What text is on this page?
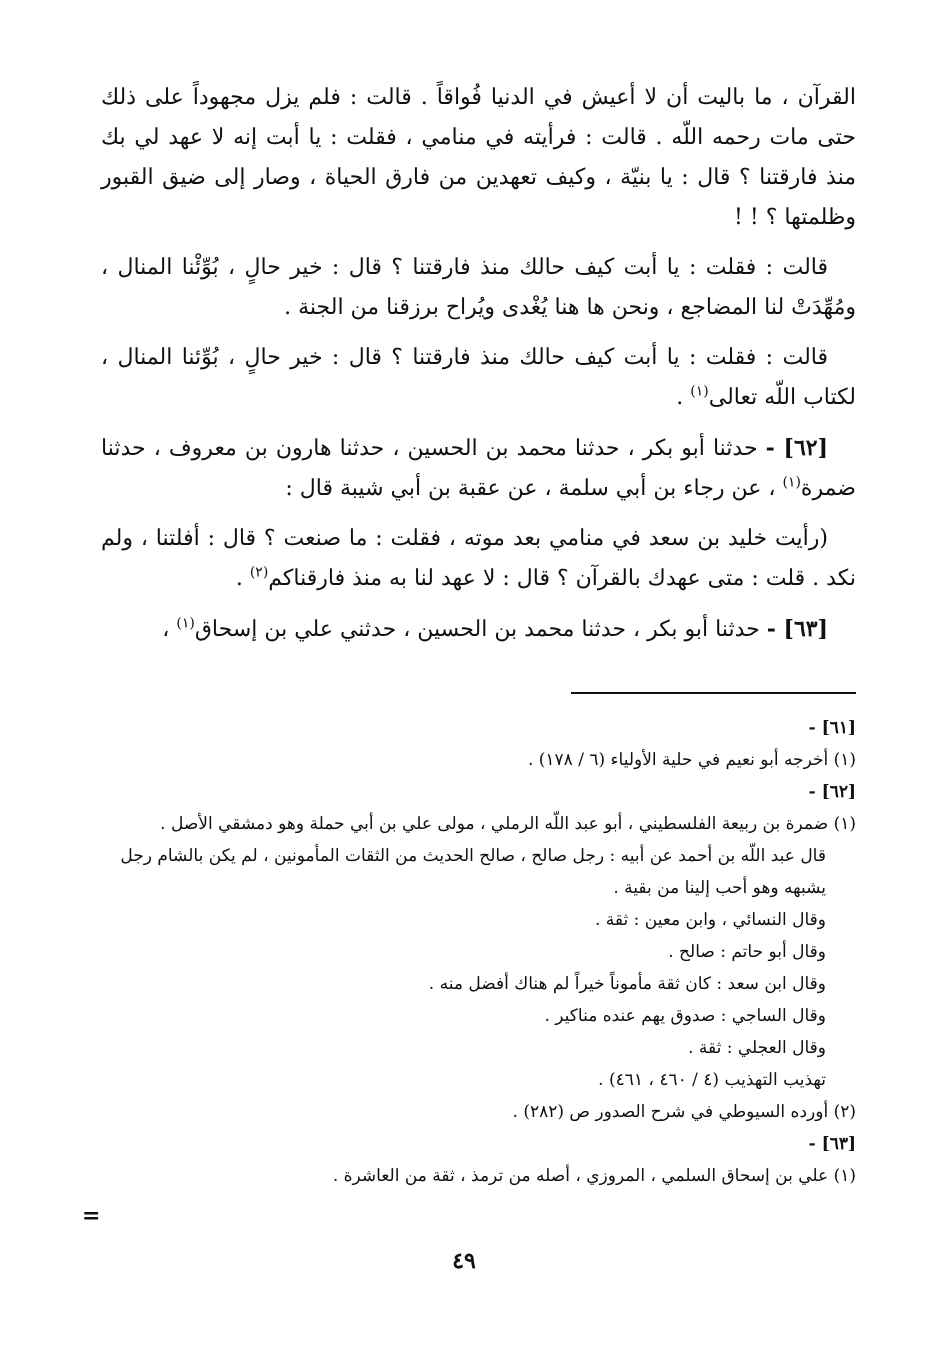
القرآن ، ما باليت أن لا أعيش في الدنيا فُواقاً . قالت : فلم يزل مجهوداً على ذلك حتى مات رحمه اللّه . قالت : فرأيته في منامي ، فقلت : يا أبت إنه لا عهد لي بك منذ فارقتنا ؟ قال : يا بنيّة ، وكيف تعهدين من فارق الحياة ، وصار إلى ضيق القبور وظلمتها ؟ ! !

قالت : فقلت : يا أبت كيف حالك منذ فارقتنا ؟ قال : خير حالٍ ، بُوِّئْنا المنال ، ومُهِّدَتْ لنا المضاجع ، ونحن ها هنا يُغْدى ويُراح برزقنا من الجنة .

قالت : فقلت : يا أبت كيف حالك منذ فارقتنا ؟ قال : خير حالٍ ، بُوِّئنا المنال ، لكتاب اللّه تعالى$^{(١)}$ .

[٦٢] - حدثنا أبو بكر ، حدثنا محمد بن الحسين ، حدثنا هارون بن معروف ، حدثنا ضمرة$^{(١)}$ ، عن رجاء بن أبي سلمة ، عن عقبة بن أبي شيبة قال :

(رأيت خليد بن سعد في منامي بعد موته ، فقلت : ما صنعت ؟ قال : أفلتنا ، ولم نكد . قلت : متى عهدك بالقرآن ؟ قال : لا عهد لنا به منذ فارقناكم$^{(٢)}$ .

[٦٣] - حدثنا أبو بكر ، حدثنا محمد بن الحسين ، حدثني علي بن إسحاق$^{(١)}$ ،

[٦١] -
(١) أخرجه أبو نعيم في حلية الأولياء (٦ / ١٧٨) .
[٦٢] -
(١) ضمرة بن ربيعة الفلسطيني ، أبو عبد اللّه الرملي ، مولى علي بن أبي حملة وهو دمشقي الأصل .
قال عبد اللّه بن أحمد عن أبيه : رجل صالح ، صالح الحديث من الثقات المأمونين ، لم يكن بالشام رجل يشبهه وهو أحب إلينا من بقية .
وقال النسائي ، وابن معين : ثقة .
وقال أبو حاتم : صالح .
وقال ابن سعد : كان ثقة مأموناً خيراً لم هناك أفضل منه .
وقال الساجي : صدوق يهم عنده مناكير .
وقال العجلي : ثقة .
تهذيب التهذيب (٤ / ٤٦٠ ، ٤٦١) .
(٢) أورده السيوطي في شرح الصدور ص (٢٨٢) .
[٦٣] -
(١) علي بن إسحاق السلمي ، المروزي ، أصله من ترمذ ، ثقة من العاشرة .
=
٤٩
